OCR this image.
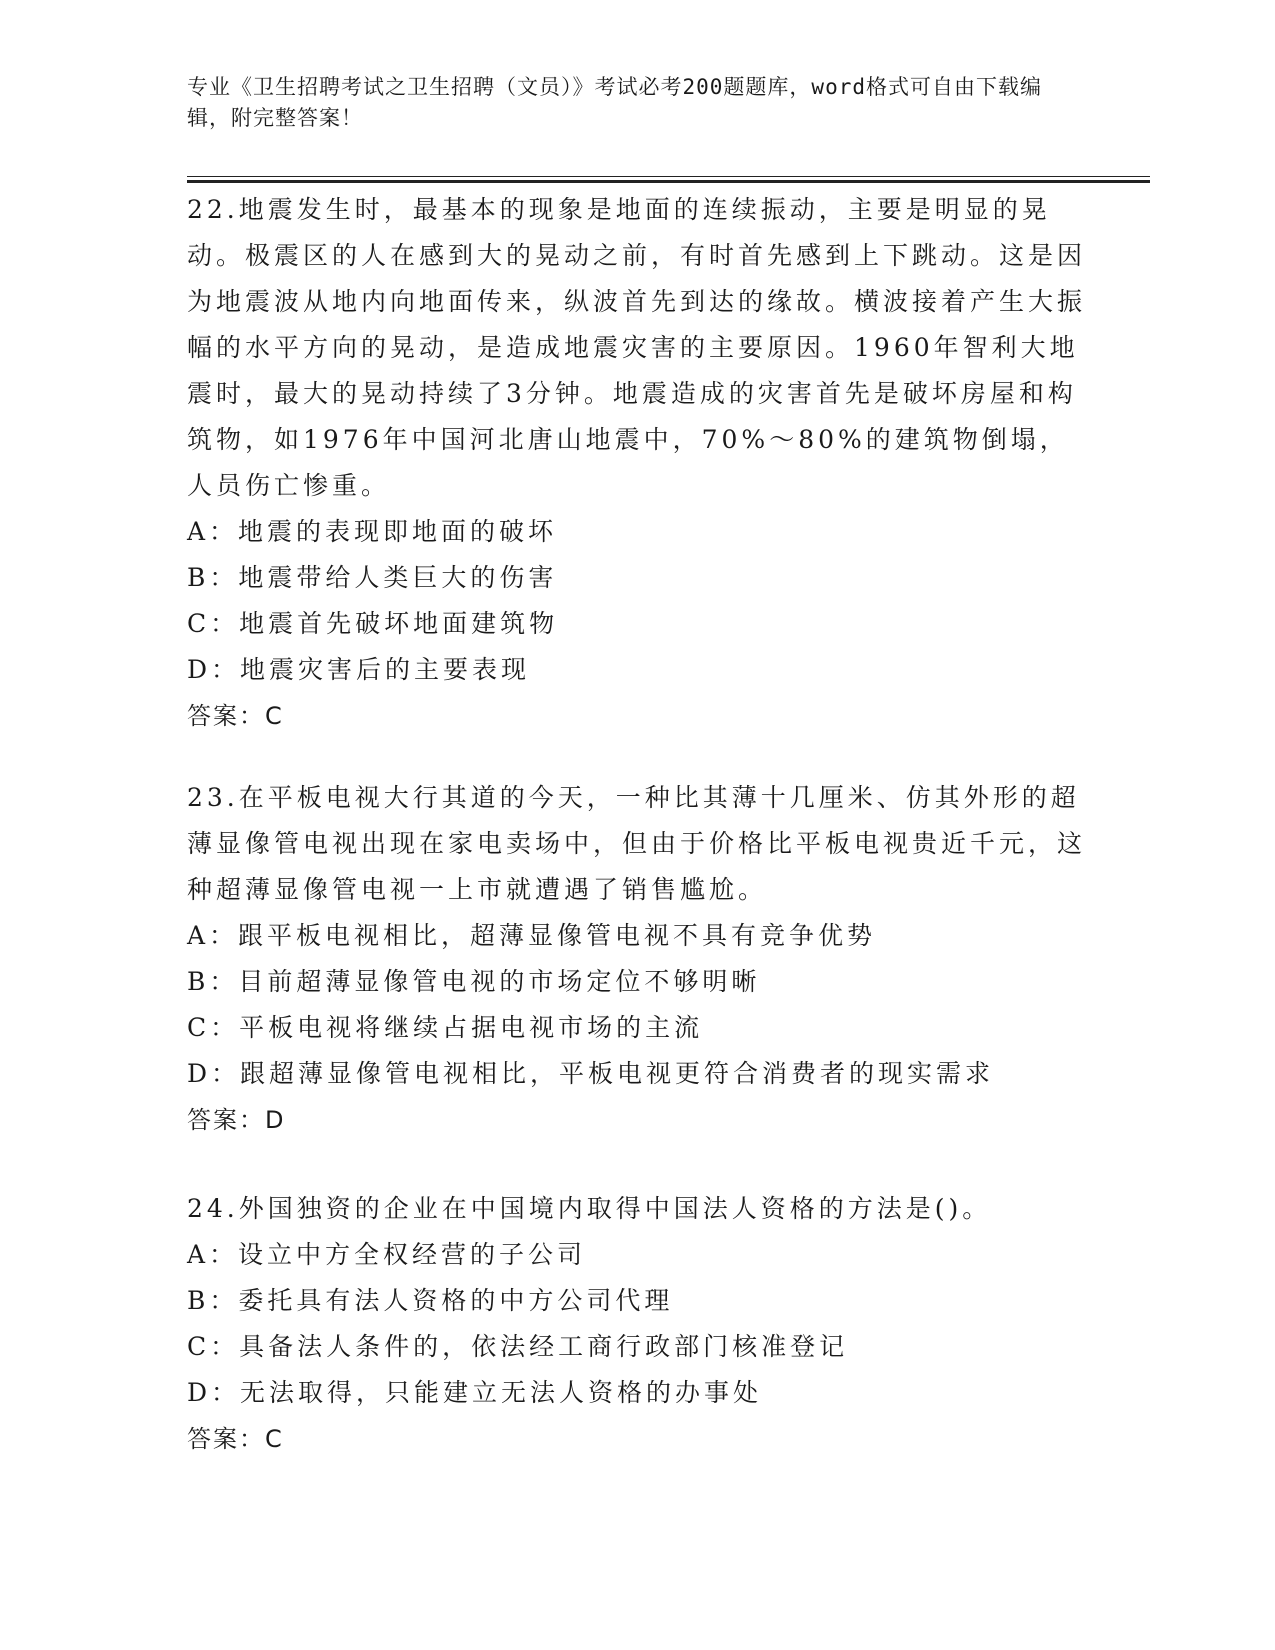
专业《卫生招聘考试之卫生招聘（文员）》考试必考200题题库，word格式可自由下载编辑，附完整答案！

22.地震发生时，最基本的现象是地面的连续振动，主要是明显的晃动。极震区的人在感到大的晃动之前，有时首先感到上下跳动。这是因为地震波从地内向地面传来，纵波首先到达的缘故。横波接着产生大振幅的水平方向的晃动，是造成地震灾害的主要原因。1960年智利大地震时，最大的晃动持续了3分钟。地震造成的灾害首先是破坏房屋和构筑物，如1976年中国河北唐山地震中，70%～80%的建筑物倒塌，人员伤亡惨重。

A：地震的表现即地面的破坏

B：地震带给人类巨大的伤害

C：地震首先破坏地面建筑物

D：地震灾害后的主要表现

答案：C

23.在平板电视大行其道的今天，一种比其薄十几厘米、仿其外形的超薄显像管电视出现在家电卖场中，但由于价格比平板电视贵近千元，这种超薄显像管电视一上市就遭遇了销售尴尬。

A：跟平板电视相比，超薄显像管电视不具有竞争优势

B：目前超薄显像管电视的市场定位不够明晰

C：平板电视将继续占据电视市场的主流

D：跟超薄显像管电视相比，平板电视更符合消费者的现实需求

答案：D

24.外国独资的企业在中国境内取得中国法人资格的方法是()。

A：设立中方全权经营的子公司

B：委托具有法人资格的中方公司代理

C：具备法人条件的，依法经工商行政部门核准登记

D：无法取得，只能建立无法人资格的办事处

答案：C
